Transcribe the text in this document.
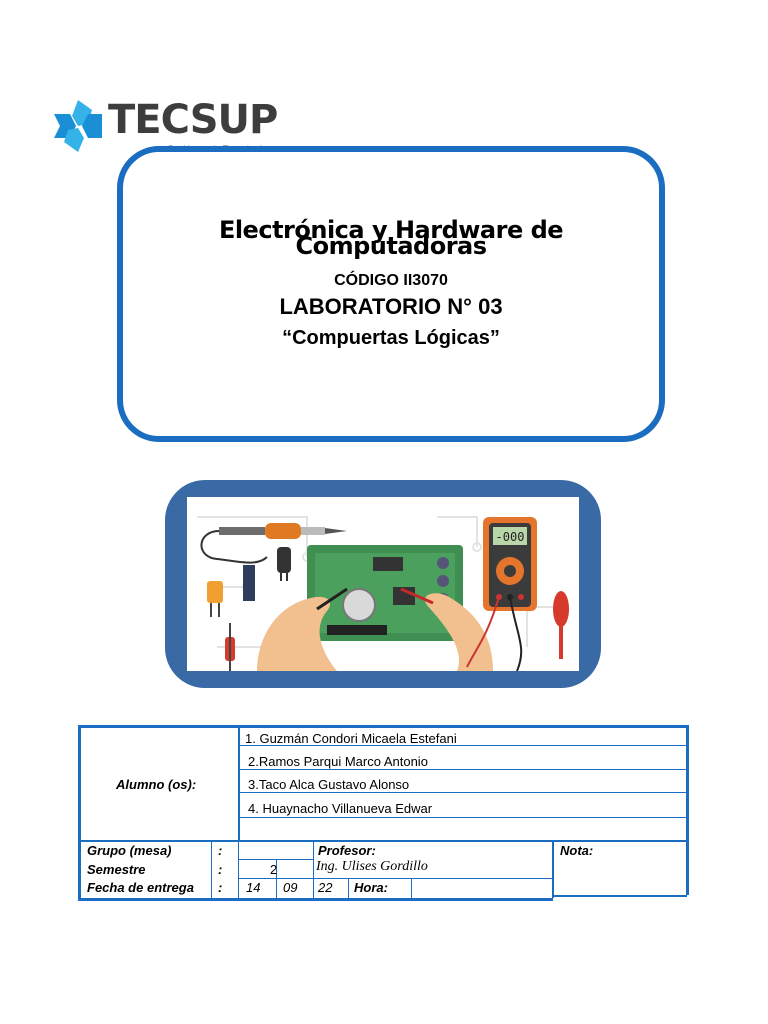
TECSUP
Electrónica y Hardware de Computadoras
CÓDIGO II3070
LABORATORIO N° 03
“Compuertas Lógicas”
-000
Alumno (os):
1. Guzmán Condori Micaela Estefani
2.Ramos Parqui Marco Antonio
3.Taco Alca Gustavo Alonso
4. Huaynacho Villanueva Edwar
Grupo (mesa)
Semestre
Fecha de entrega
:
:
:
2
14 09 22 Hora:
Profesor:
Ing. Ulises Gordillo
Nota:
